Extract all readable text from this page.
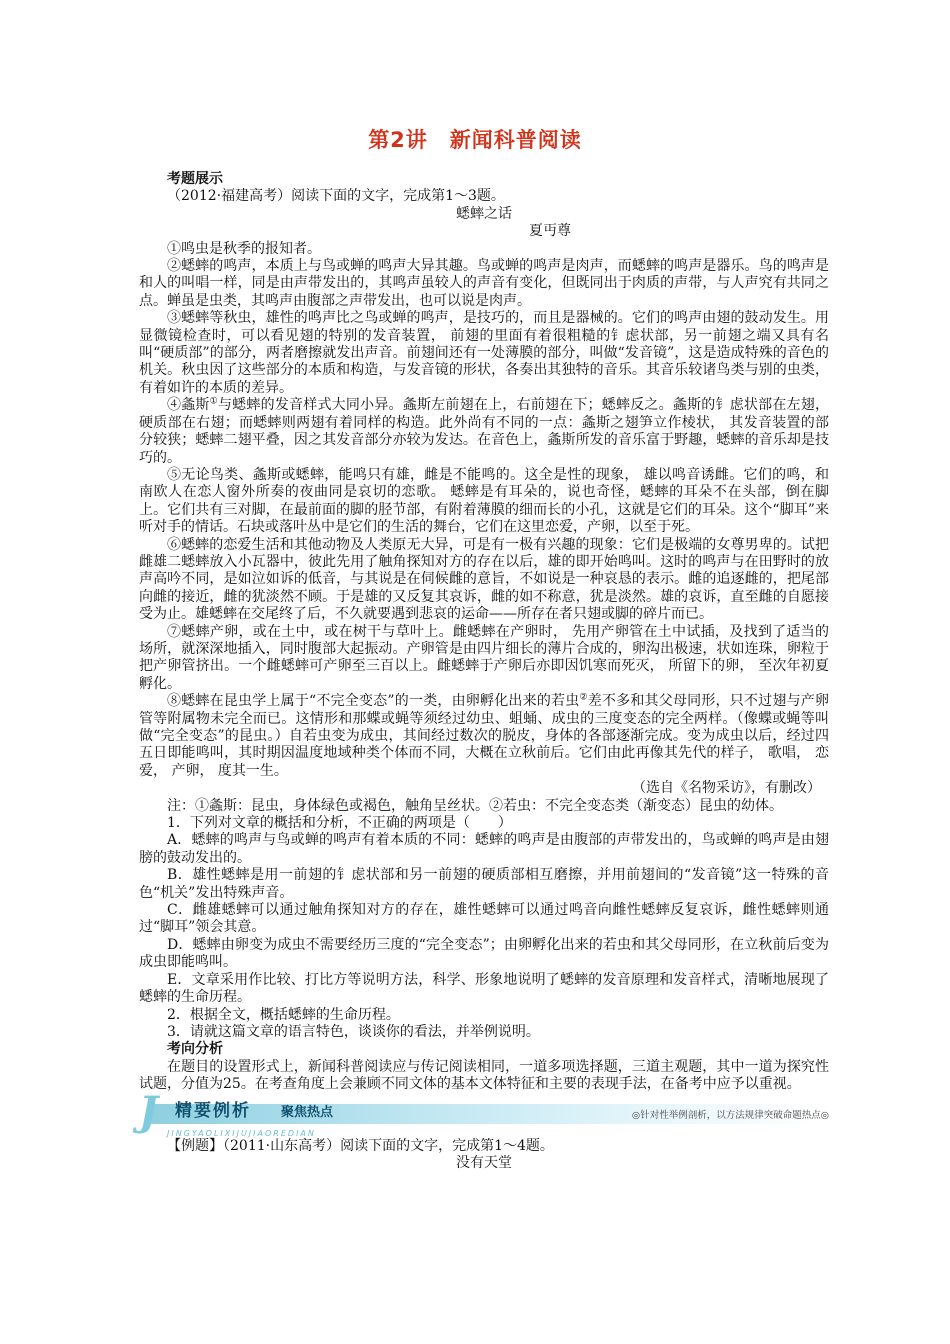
第2讲　新闻科普阅读

考题展示

（2012·福建高考）阅读下面的文字，完成第1～3题。

蟋蟀之话

夏丏尊

①鸣虫是秋季的报知者。

②蟋蟀的鸣声，本质上与鸟或蝉的鸣声大异其趣。鸟或蝉的鸣声是肉声，而蟋蟀的鸣声是器乐。鸟的鸣声是和人的叫唱一样，同是由声带发出的，其鸣声虽较人的声音有变化，但既同出于肉质的声带，与人声究有共同之点。蝉虽是虫类，其鸣声由腹部之声带发出，也可以说是肉声。

③蟋蟀等秋虫，雄性的鸣声比之鸟或蝉的鸣声，是技巧的，而且是器械的。它们的鸣声由翅的鼓动发生。用显微镜检查时，可以看见翅的特别的发音装置， 前翅的里面有着很粗糙的钅虑状部，另一前翅之端又具有名叫“硬质部”的部分，两者磨擦就发出声音。前翅间还有一处薄膜的部分，叫做“发音镜”，这是造成特殊的音色的机关。秋虫因了这些部分的本质和构造，与发音镜的形状，各奏出其独特的音乐。其音乐较诸鸟类与别的虫类，有着如许的本质的差异。

④螽斯①与蟋蟀的发音样式大同小异。螽斯左前翅在上，右前翅在下；蟋蟀反之。螽斯的钅虑状部在左翅，硬质部在右翅；而蟋蟀则两翅有着同样的构造。此外尚有不同的一点：螽斯之翅笋立作棱状， 其发音装置的部分较狭；蟋蟀二翅平叠，因之其发音部分亦较为发达。在音色上，螽斯所发的音乐富于野趣，蟋蟀的音乐却是技巧的。

⑤无论鸟类、螽斯或蟋蟀，能鸣只有雄，雌是不能鸣的。这全是性的现象， 雄以鸣音诱雌。它们的鸣，和南欧人在恋人窗外所奏的夜曲同是哀切的恋歌。 蟋蟀是有耳朵的，说也奇怪，蟋蟀的耳朵不在头部，倒在脚上。它们共有三对脚，在最前面的脚的胫节部，有附着薄膜的细而长的小孔，这就是它们的耳朵。这个“脚耳”来听对手的情话。石块或落叶丛中是它们的生活的舞台，它们在这里恋爱，产卵，以至于死。

⑥蟋蟀的恋爱生活和其他动物及人类原无大异，可是有一极有兴趣的现象：它们是极端的女尊男卑的。试把雌雄二蟋蟀放入小瓦器中，彼此先用了触角探知对方的存在以后，雄的即开始鸣叫。这时的鸣声与在田野时的放声高吟不同，是如泣如诉的低音，与其说是在伺候雌的意旨，不如说是一种哀恳的表示。雌的追逐雌的，把尾部向雌的接近，雌的犹淡然不顾。于是雄的又反复其哀诉，雌的如不称意，犹是淡然。雄的哀诉，直至雌的自愿接受为止。雄蟋蟀在交尾终了后，不久就要遇到悲哀的运命——所存在者只翅或脚的碎片而已。

⑦蟋蟀产卵，或在土中，或在树干与草叶上。雌蟋蟀在产卵时， 先用产卵管在土中试插，及找到了适当的场所，就深深地插入，同时腹部大起振动。产卵管是由四片细长的薄片合成的，卵沟出极速，状如连珠，卵粒于把产卵管挤出。一个雌蟋蟀可产卵至三百以上。雌蟋蟀于产卵后亦即因饥寒而死灭， 所留下的卵， 至次年初夏孵化。

⑧蟋蟀在昆虫学上属于“不完全变态”的一类，由卵孵化出来的若虫②差不多和其父母同形，只不过翅与产卵管等附属物未完全而已。这情形和那蝶或蝇等须经过幼虫、蛆蛹、成虫的三度变态的完全两样。（像蝶或蝇等叫做“完全变态”的昆虫。）自若虫变为成虫，其间经过数次的脱皮，身体的各部逐渐完成。变为成虫以后，经过四五日即能鸣叫，其时期因温度地域种类个体而不同，大概在立秋前后。它们由此再像其先代的样子， 歌唱， 恋爱， 产卵， 度其一生。

（选自《名物采访》，有删改）

注：①螽斯：昆虫，身体绿色或褐色，触角呈丝状。②若虫：不完全变态类（渐变态）昆虫的幼体。

1．下列对文章的概括和分析，不正确的两项是（　　）

A．蟋蟀的鸣声与鸟或蝉的鸣声有着本质的不同：蟋蟀的鸣声是由腹部的声带发出的，鸟或蝉的鸣声是由翅膀的鼓动发出的。

B．雄性蟋蟀是用一前翅的钅虑状部和另一前翅的硬质部相互磨擦，并用前翅间的“发音镜”这一特殊的音色“机关”发出特殊声音。

C．雌雄蟋蟀可以通过触角探知对方的存在，雄性蟋蟀可以通过鸣音向雌性蟋蟀反复哀诉，雌性蟋蟀则通过“脚耳”领会其意。

D．蟋蟀由卵变为成虫不需要经历三度的“完全变态”；由卵孵化出来的若虫和其父母同形，在立秋前后变为成虫即能鸣叫。

E．文章采用作比较、打比方等说明方法，科学、形象地说明了蟋蟀的发音原理和发音样式，清晰地展现了蟋蟀的生命历程。

2．根据全文，概括蟋蟀的生命历程。

3．请就这篇文章的语言特色，谈谈你的看法，并举例说明。

考向分析

在题目的设置形式上，新闻科普阅读应与传记阅读相同，一道多项选择题，三道主观题，其中一道为探究性试题，分值为25。在考查角度上会兼顾不同文体的基本文体特征和主要的表现手法，在备考中应予以重视。

J 精要例析 聚焦热点
JINGYAOLIXIJUJIAOREDIAN
◎针对性举例剖析，以方法规律突破命题热点◎

【例题】（2011·山东高考）阅读下面的文字，完成第1～4题。

没有天堂
